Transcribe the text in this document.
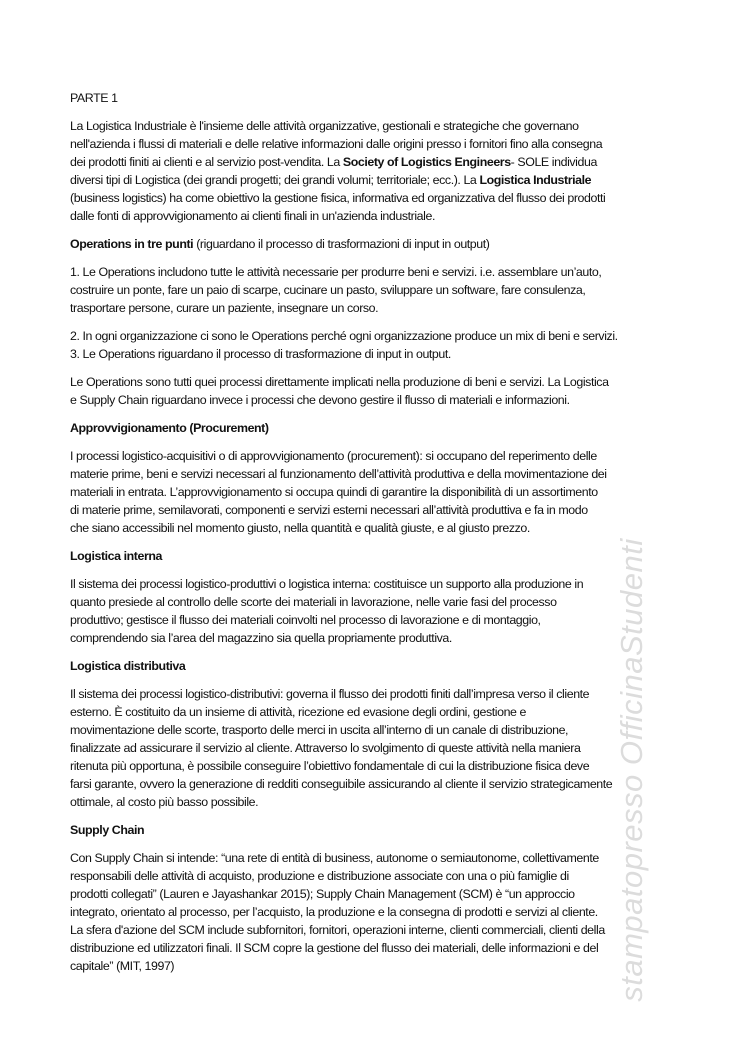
PARTE 1
La Logistica Industriale è l'insieme delle attività organizzative, gestionali e strategiche che governano
nell'azienda i flussi di materiali e delle relative informazioni dalle origini presso i fornitori fino alla consegna
dei prodotti finiti ai clienti e al servizio post-vendita. La Society of Logistics Engineers- SOLE individua
diversi tipi di Logistica (dei grandi progetti; dei grandi volumi; territoriale; ecc.). La Logistica Industriale
(business logistics) ha come obiettivo la gestione fisica, informativa ed organizzativa del flusso dei prodotti
dalle fonti di approvvigionamento ai clienti finali in un'azienda industriale.
Operations in tre punti (riguardano il processo di trasformazioni di input in output)
1. Le Operations includono tutte le attività necessarie per produrre beni e servizi. i.e. assemblare un’auto,
costruire un ponte, fare un paio di scarpe, cucinare un pasto, sviluppare un software, fare consulenza,
trasportare persone, curare un paziente, insegnare un corso.
2. In ogni organizzazione ci sono le Operations perché ogni organizzazione produce un mix di beni e servizi.
3. Le Operations riguardano il processo di trasformazione di input in output.
Le Operations sono tutti quei processi direttamente implicati nella produzione di beni e servizi. La Logistica
e Supply Chain riguardano invece i processi che devono gestire il flusso di materiali e informazioni.
Approvvigionamento (Procurement)
I processi logistico-acquisitivi o di approvvigionamento (procurement): si occupano del reperimento delle
materie prime, beni e servizi necessari al funzionamento dell’attività produttiva e della movimentazione dei
materiali in entrata. L’approvvigionamento si occupa quindi di garantire la disponibilità di un assortimento
di materie prime, semilavorati, componenti e servizi esterni necessari all’attività produttiva e fa in modo
che siano accessibili nel momento giusto, nella quantità e qualità giuste, e al giusto prezzo.
Logistica interna
Il sistema dei processi logistico-produttivi o logistica interna: costituisce un supporto alla produzione in
quanto presiede al controllo delle scorte dei materiali in lavorazione, nelle varie fasi del processo
produttivo; gestisce il flusso dei materiali coinvolti nel processo di lavorazione e di montaggio,
comprendendo sia l’area del magazzino sia quella propriamente produttiva.
Logistica distributiva
Il sistema dei processi logistico-distributivi: governa il flusso dei prodotti finiti dall’impresa verso il cliente
esterno. È costituito da un insieme di attività, ricezione ed evasione degli ordini, gestione e
movimentazione delle scorte, trasporto delle merci in uscita all’interno di un canale di distribuzione,
finalizzate ad assicurare il servizio al cliente. Attraverso lo svolgimento di queste attività nella maniera
ritenuta più opportuna, è possibile conseguire l’obiettivo fondamentale di cui la distribuzione fisica deve
farsi garante, ovvero la generazione di redditi conseguibile assicurando al cliente il servizio strategicamente
ottimale, al costo più basso possibile.
Supply Chain
Con Supply Chain si intende: “una rete di entità di business, autonome o semiautonome, collettivamente
responsabili delle attività di acquisto, produzione e distribuzione associate con una o più famiglie di
prodotti collegati” (Lauren e Jayashankar 2015); Supply Chain Management (SCM) è “un approccio
integrato, orientato al processo, per l’acquisto, la produzione e la consegna di prodotti e servizi al cliente.
La sfera d'azione del SCM include subfornitori, fornitori, operazioni interne, clienti commerciali, clienti della
distribuzione ed utilizzatori finali. Il SCM copre la gestione del flusso dei materiali, delle informazioni e del
capitale” (MIT, 1997)	stampatopresso OfficinaStudenti
